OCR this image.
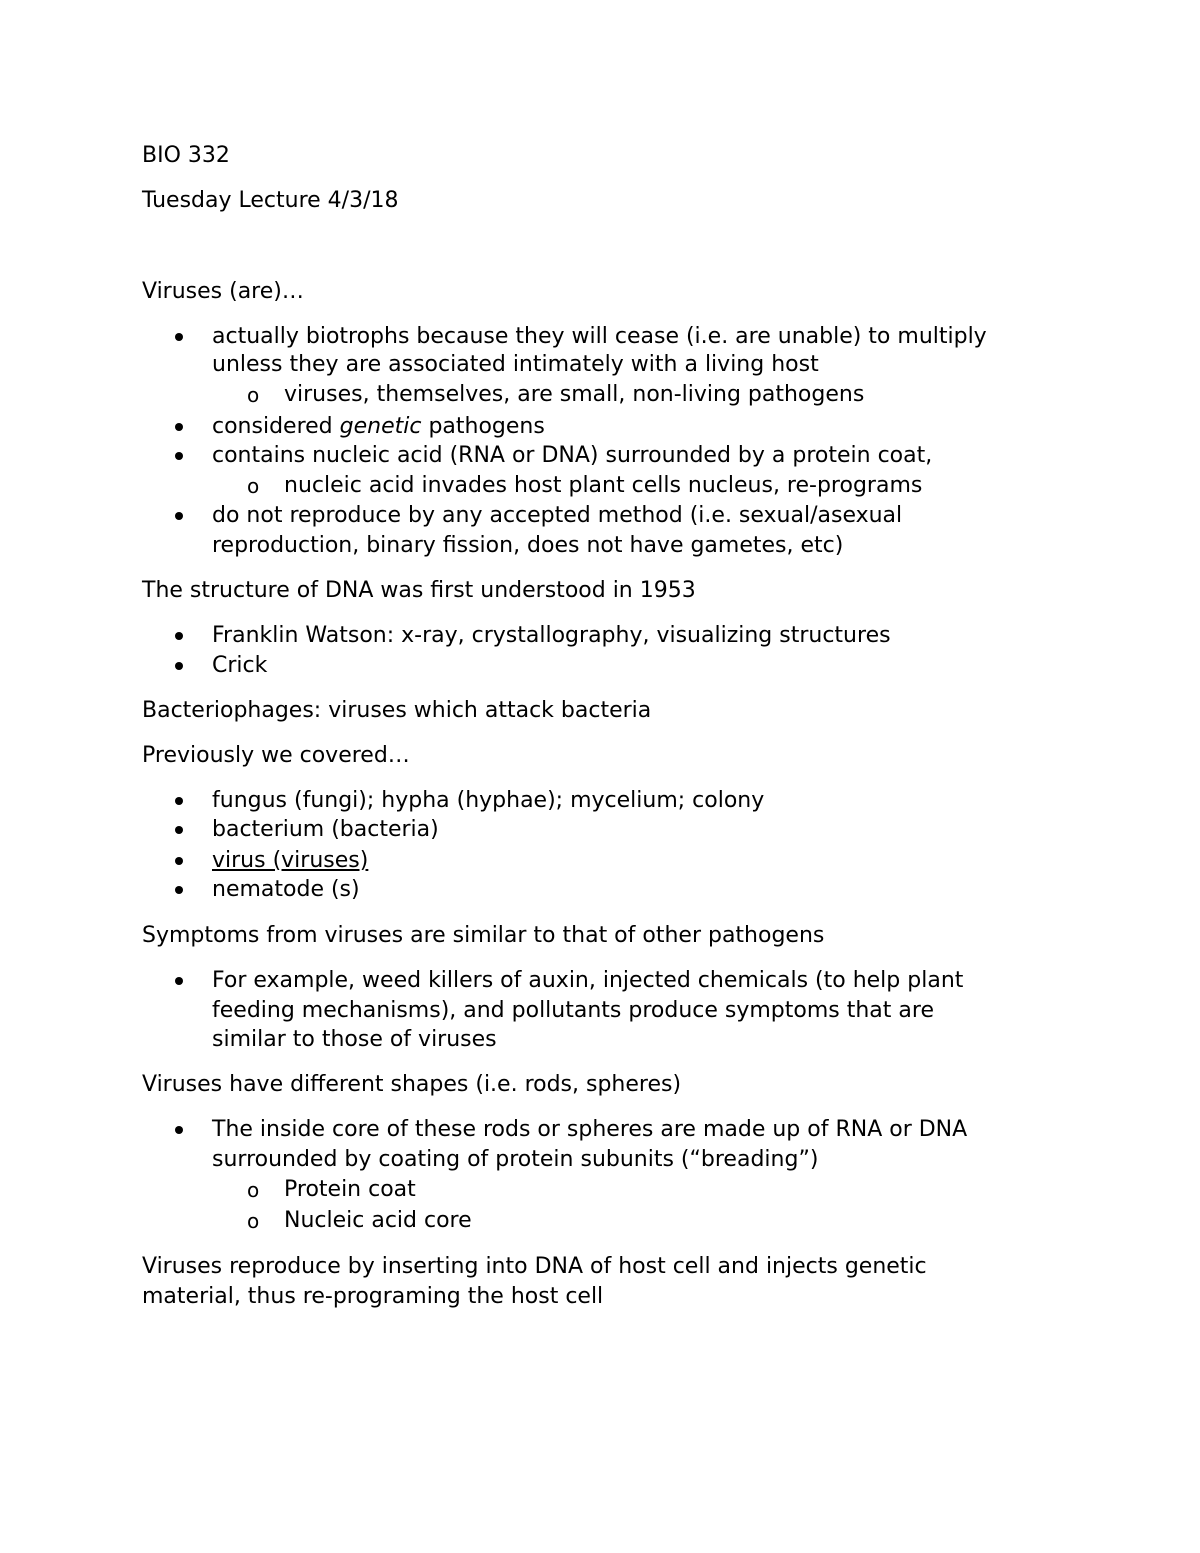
BIO 332
Tuesday Lecture 4/3/18
Viruses (are)…
actually biotrophs because they will cease (i.e. are unable) to multiply
unless they are associated intimately with a living host
o viruses, themselves, are small, non-living pathogens
considered genetic pathogens
contains nucleic acid (RNA or DNA) surrounded by a protein coat,
o nucleic acid invades host plant cells nucleus, re-programs
do not reproduce by any accepted method (i.e. sexual/asexual
reproduction, binary fission, does not have gametes, etc)
The structure of DNA was first understood in 1953
Franklin Watson: x-ray, crystallography, visualizing structures
Crick
Bacteriophages: viruses which attack bacteria
Previously we covered…
fungus (fungi); hypha (hyphae); mycelium; colony
bacterium (bacteria)
virus (viruses)
nematode (s)
Symptoms from viruses are similar to that of other pathogens
For example, weed killers of auxin, injected chemicals (to help plant
feeding mechanisms), and pollutants produce symptoms that are
similar to those of viruses
Viruses have different shapes (i.e. rods, spheres)
The inside core of these rods or spheres are made up of RNA or DNA
surrounded by coating of protein subunits (“breading”)
o Protein coat
o Nucleic acid core
Viruses reproduce by inserting into DNA of host cell and injects genetic
material, thus re-programing the host cell
